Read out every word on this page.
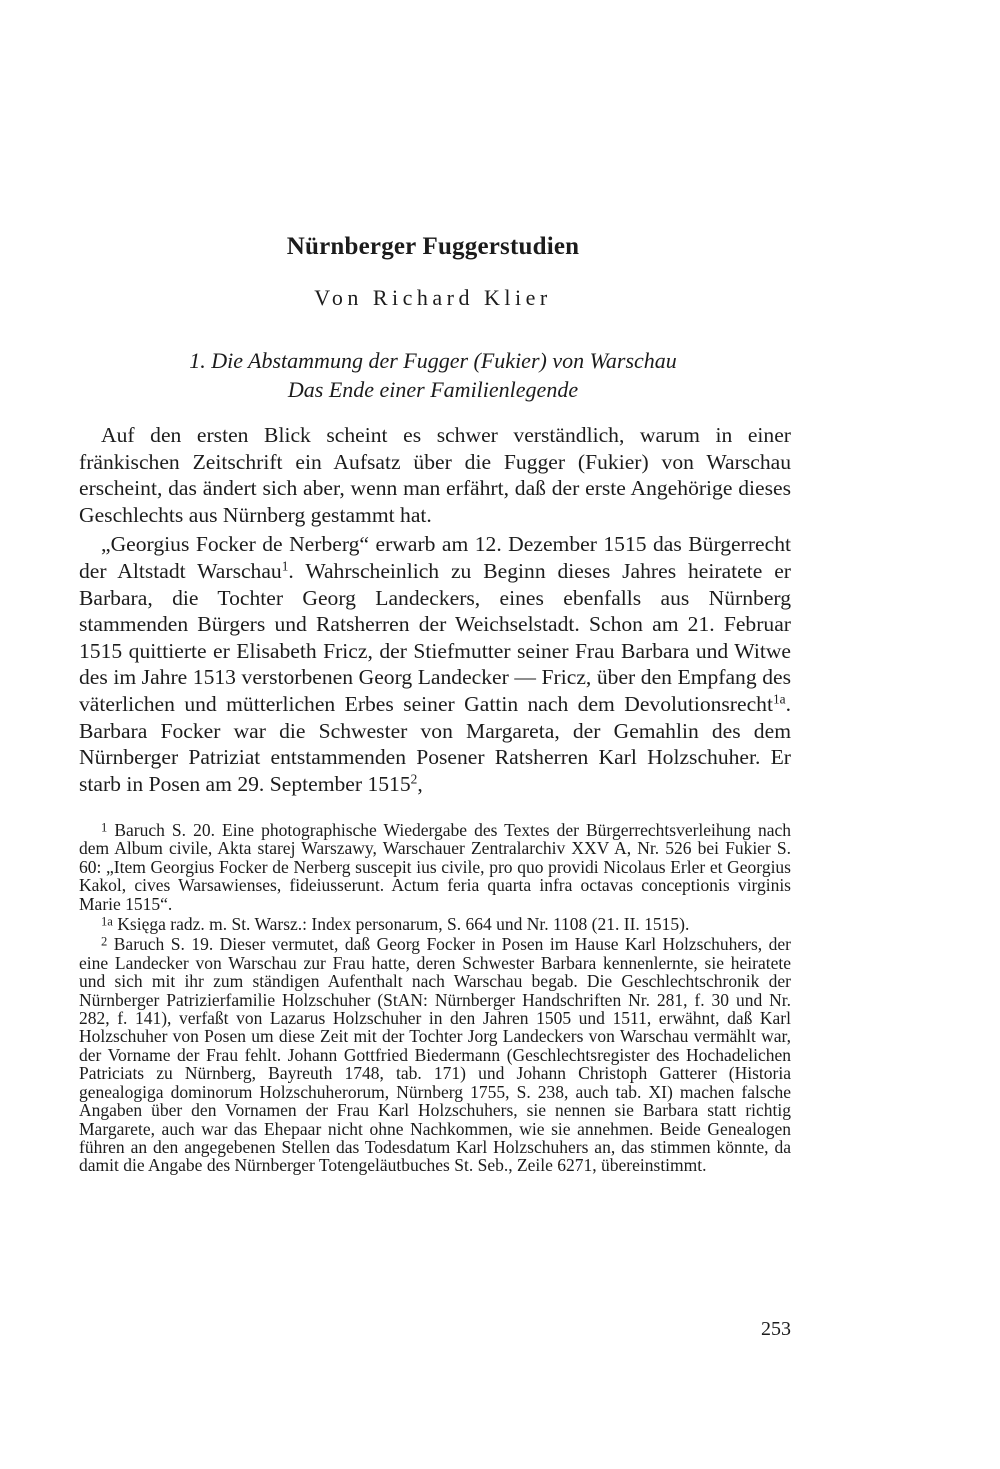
Nürnberger Fuggerstudien
Von Richard Klier
1. Die Abstammung der Fugger (Fukier) von Warschau
Das Ende einer Familienlegende

Auf den ersten Blick scheint es schwer verständlich, warum in einer fränkischen Zeitschrift ein Aufsatz über die Fugger (Fukier) von Warschau erscheint, das ändert sich aber, wenn man erfährt, daß der erste Angehörige dieses Geschlechts aus Nürnberg gestammt hat.

„Georgius Focker de Nerberg“ erwarb am 12. Dezember 1515 das Bürgerrecht der Altstadt Warschau$^1$. Wahrscheinlich zu Beginn dieses Jahres heiratete er Barbara, die Tochter Georg Landeckers, eines ebenfalls aus Nürnberg stammenden Bürgers und Ratsherren der Weichselstadt. Schon am 21. Februar 1515 quittierte er Elisabeth Fricz, der Stiefmutter seiner Frau Barbara und Witwe des im Jahre 1513 verstorbenen Georg Landecker — Fricz, über den Empfang des väterlichen und mütterlichen Erbes seiner Gattin nach dem Devolutionsrecht$^{1a}$. Barbara Focker war die Schwester von Margareta, der Gemahlin des dem Nürnberger Patriziat entstammenden Posener Ratsherren Karl Holzschuher. Er starb in Posen am 29. September 1515$^2$,

$^1$ Baruch S. 20. Eine photographische Wiedergabe des Textes der Bürgerrechtsverleihung nach dem Album civile, Akta starej Warszawy, Warschauer Zentralarchiv XXV A, Nr. 526 bei Fukier S. 60: „Item Georgius Focker de Nerberg suscepit ius civile, pro quo providi Nicolaus Erler et Georgius Kakol, cives Warsawienses, fideiusserunt. Actum feria quarta infra octavas conceptionis virginis Marie 1515“.

$^{1a}$ Księga radz. m. St. Warsz.: Index personarum, S. 664 und Nr. 1108 (21. II. 1515).

$^2$ Baruch S. 19. Dieser vermutet, daß Georg Focker in Posen im Hause Karl Holzschuhers, der eine Landecker von Warschau zur Frau hatte, deren Schwester Barbara kennenlernte, sie heiratete und sich mit ihr zum ständigen Aufenthalt nach Warschau begab. Die Geschlechtschronik der Nürnberger Patrizierfamilie Holzschuher (StAN: Nürnberger Handschriften Nr. 281, f. 30 und Nr. 282, f. 141), verfaßt von Lazarus Holzschuher in den Jahren 1505 und 1511, erwähnt, daß Karl Holzschuher von Posen um diese Zeit mit der Tochter Jorg Landeckers von Warschau vermählt war, der Vorname der Frau fehlt. Johann Gottfried Biedermann (Geschlechtsregister des Hochadelichen Patriciats zu Nürnberg, Bayreuth 1748, tab. 171) und Johann Christoph Gatterer (Historia genealogiga dominorum Holzschuherorum, Nürnberg 1755, S. 238, auch tab. XI) machen falsche Angaben über den Vornamen der Frau Karl Holzschuhers, sie nennen sie Barbara statt richtig Margarete, auch war das Ehepaar nicht ohne Nachkommen, wie sie annehmen. Beide Genealogen führen an den angegebenen Stellen das Todesdatum Karl Holzschuhers an, das stimmen könnte, da damit die Angabe des Nürnberger Totengeläutbuches St. Seb., Zeile 6271, übereinstimmt.

253
